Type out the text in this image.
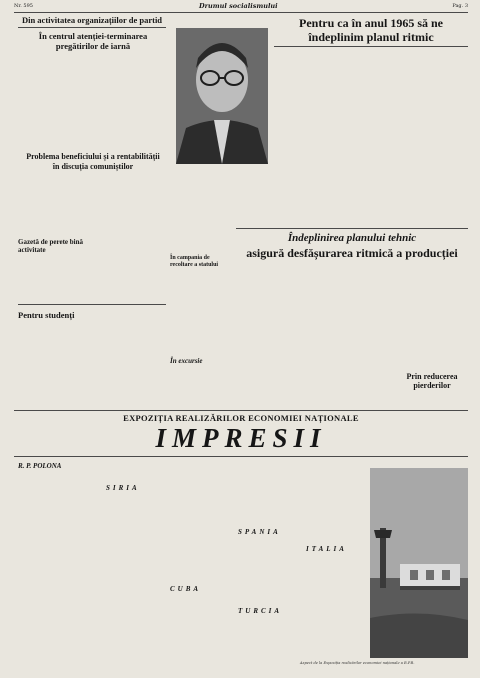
Nr. 595	Drumul socialismului	Pag. 3
Din activitatea organizațiilor de partid
În centrul atenției-terminarea pregătirilor de iarnă
Problema beneficiului și a rentabilității în discuția comuniștilor
Gazetă de perete bină activitate
Pentru studenți
Pentru ca în anul 1965 să ne îndeplinim planul ritmic
În campania de recoltare a statului
În excursie
Îndeplinirea planului tehnic
asigură desfășurarea ritmică a producției
Prin reducerea pierderilor
EXPOZIȚIA REALIZĂRILOR ECONOMIEI NAȚIONALE
IMPRESII
R. P. POLONA
SIRIA
SPANIA
CUBA
TURCIA
ITALIA
Aspect de la Expoziția realizărilor economiei naționale a R.P.R.
